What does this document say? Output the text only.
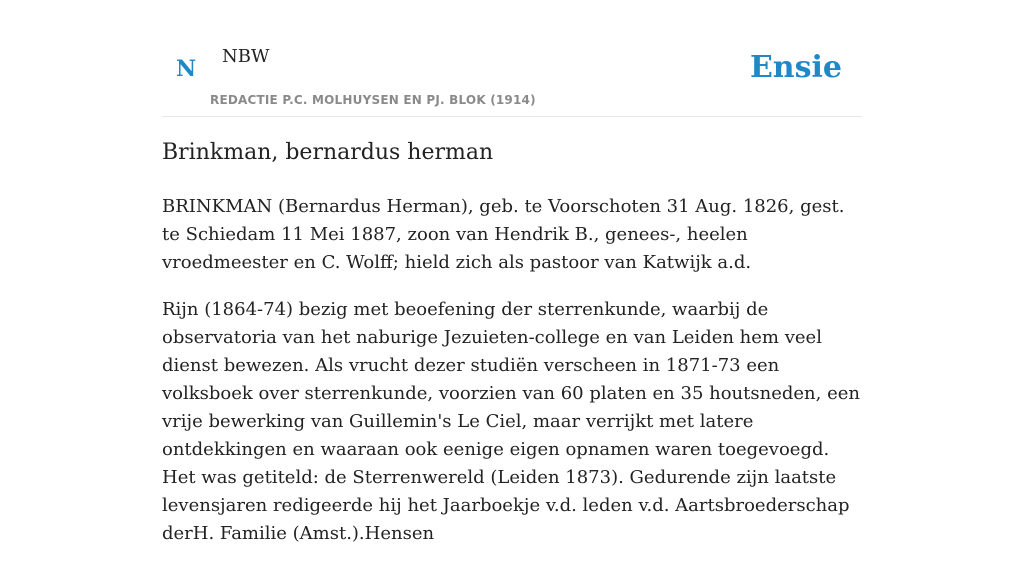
N NBW
REDACTIE P.C. MOLHUYSEN EN PJ. BLOK (1914)
Ensie
Brinkman, bernardus herman

BRINKMAN (Bernardus Herman), geb. te Voorschoten 31 Aug. 1826, gest. te Schiedam 11 Mei 1887, zoon van Hendrik B., genees-, heelen vroedmeester en C. Wolff; hield zich als pastoor van Katwijk a.d.

Rijn (1864-74) bezig met beoefening der sterrenkunde, waarbij de observatoria van het naburige Jezuieten-college en van Leiden hem veel dienst bewezen. Als vrucht dezer studiën verscheen in 1871-73 een volksboek over sterrenkunde, voorzien van 60 platen en 35 houtsneden, een vrije bewerking van Guillemin's Le Ciel, maar verrijkt met latere ontdekkingen en waaraan ook eenige eigen opnamen waren toegevoegd. Het was getiteld: de Sterrenwereld (Leiden 1873). Gedurende zijn laatste levensjaren redigeerde hij het Jaarboekje v.d. leden v.d. Aartsbroederschap derH. Familie (Amst.).Hensen
